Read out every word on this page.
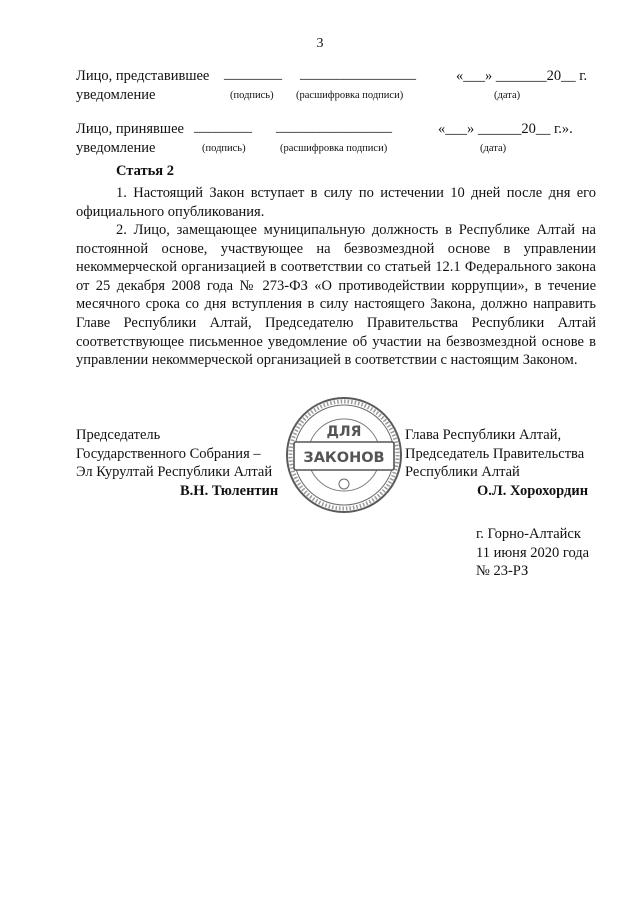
3
Лицо, представившее
уведомление
________ ________________	«___» _______20__ г.
(подпись) (расшифровка подписи)	(дата)
Лицо, принявшее
уведомление
________ ________________	«___» ______20__ г.».
(подпись)	(расшифровка подписи)	(дата)
Статья 2
1. Настоящий Закон вступает в силу по истечении 10 дней после дня его официального опубликования.
2. Лицо, замещающее муниципальную должность в Республике Алтай на постоянной основе, участвующее на безвозмездной основе в управлении некоммерческой организацией в соответствии со статьей 12.1 Федерального закона от 25 декабря 2008 года № 273-ФЗ «О противодействии коррупции», в течение месячного срока со дня вступления в силу настоящего Закона, должно направить Главе Республики Алтай, Председателю Правительства Республики Алтай соответствующее письменное уведомление об участии на безвозмездной основе в управлении некоммерческой организацией в соответствии с настоящим Законом.
Председатель
Государственного Собрания –
Эл Курултай Республики Алтай
В.Н. Тюлентин
Глава Республики Алтай,
Председатель Правительства
Республики Алтай
О.Л. Хорохордин
ДЛЯ
ЗАКОНОВ
г. Горно-Алтайск
11 июня 2020 года
№ 23-РЗ
